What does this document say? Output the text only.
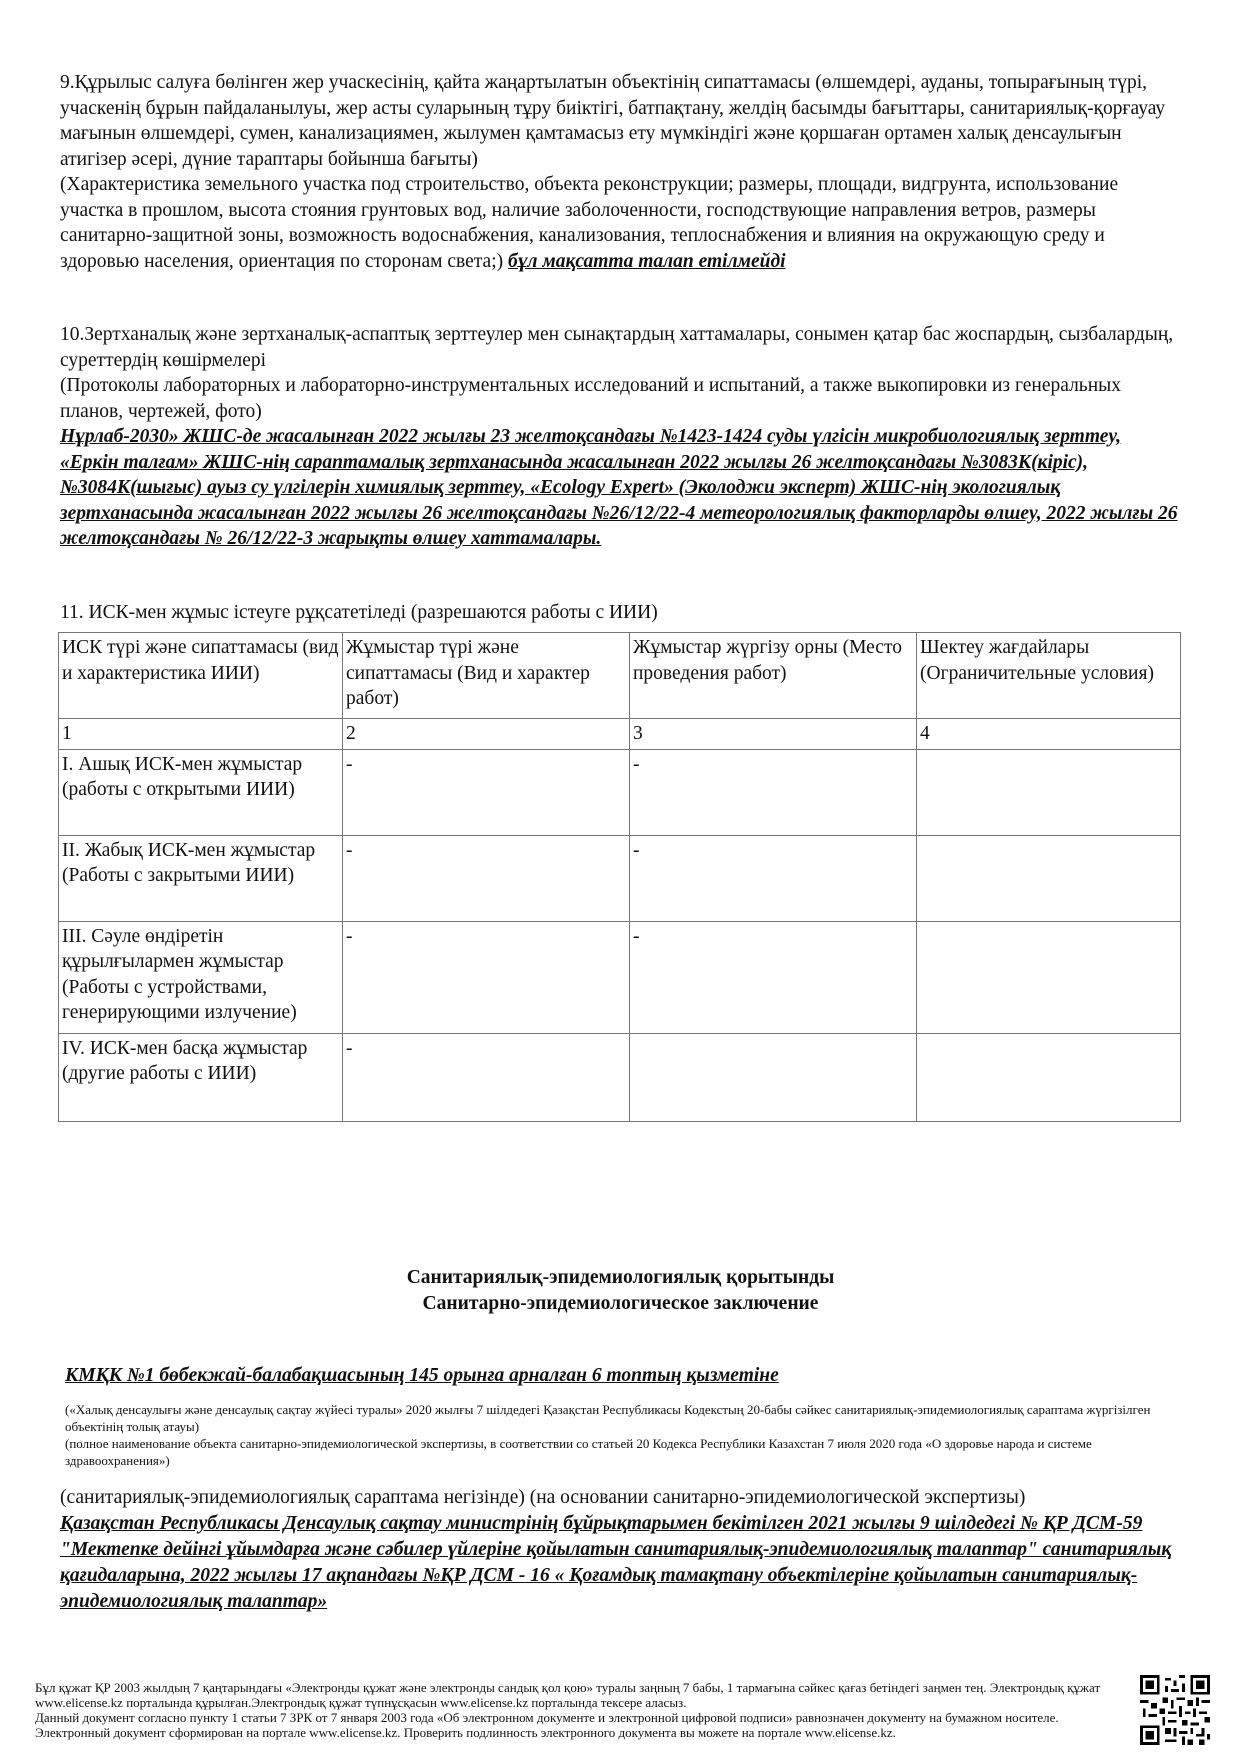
9.Құрылыс салуға бөлінген жер учаскесінің, қайта жаңартылатын объектінің сипаттамасы (өлшемдері, ауданы, топырағының түрі, учаскенің бұрын пайдаланылуы, жер асты суларының тұру биіктігі, батпақтану, желдің басымды бағыттары, санитариялық-қорғауау мағынын өлшемдері, сумен, канализациямен, жылумен қамтамасыз ету мүмкіндігі және қоршаған ортамен халық денсаулығын атигізер әсері, дүние тараптары бойынша бағыты)

(Характеристика земельного участка под строительство, объекта реконструкции; размеры, площади, видгрунта, использование участка в прошлом, высота стояния грунтовых вод, наличие заболоченности, господствующие направления ветров, размеры санитарно-защитной зоны, возможность водоснабжения, канализования, теплоснабжения и влияния на окружающую среду и здоровью населения, ориентация по сторонам света;) бұл мақсатта талап етілмейді

10.Зертханалық және зертханалық-аспаптық зерттеулер мен сынақтардың хаттамалары, сонымен қатар бас жоспардың, сызбалардың, суреттердің көшірмелері

(Протоколы лабораторных и лабораторно-инструментальных исследований и испытаний, а также выкопировки из генеральных планов, чертежей, фото)

Нұрлаб-2030» ЖШС-де жасалынған 2022 жылғы 23 желтоқсандағы №1423-1424 суды үлгісін микробиологиялық зерттеу, «Еркін талғам» ЖШС-нің сараптамалық зертханасында жасалынған 2022 жылғы 26 желтоқсандағы №3083К(кіріс), №3084К(шығыс) ауыз су үлгілерін химиялық зерттеу, «Ecology Expert» (Эколоджи эксперт) ЖШС-нің экологиялық зертханасында жасалынған 2022 жылғы 26 желтоқсандағы №26/12/22-4 метеорологиялық факторларды өлшеу, 2022 жылғы 26 желтоқсандағы № 26/12/22-3 жарықты өлшеу хаттамалары.

11. ИСК-мен жұмыс істеуге рұқсатетіледі (разрешаются работы с ИИИ)
ИСК түрі және сипаттамасы (вид и характеристика ИИИ)	Жұмыстар түрі және сипаттамасы (Вид и характер работ)	Жұмыстар жүргізу орны (Место проведения работ)	Шектеу жағдайлары (Ограничительные условия)
1	2	3	4
I. Ашық ИСК-мен жұмыстар (работы с открытыми ИИИ)	-	-	
II. Жабық ИСК-мен жұмыстар (Работы с закрытыми ИИИ)	-	-	
III. Сәуле өндіретін құрылғылармен жұмыстар (Работы с устройствами, генерирующими излучение)	-	-	
IV. ИСК-мен басқа жұмыстар (другие работы с ИИИ)	-		
Санитариялық-эпидемиологиялық қорытынды
Санитарно-эпидемиологическое заключение
КМҚК №1 бөбекжай-балабақшасының 145 орынға арналған 6 топтың қызметіне
(«Халық денсаулығы және денсаулық сақтау жүйесі туралы» 2020 жылғы 7 шілдедегі Қазақстан Республикасы Кодекстың 20-бабы сәйкес санитариялық-эпидемиологиялық сараптама жүргізілген объектінің толық атауы)
(полное наименование объекта санитарно-эпидемиологической экспертизы, в соответствии со статьей 20 Кодекса Республики Казахстан 7 июля 2020 года «О здоровье народа и системе здравоохранения»)
(санитариялық-эпидемиологиялық сараптама негізінде) (на основании санитарно-эпидемиологической экспертизы)
Қазақстан Республикасы Денсаулық сақтау министрінің бұйрықтарымен бекітілген 2021 жылғы 9 шілдедегі № ҚР ДСМ-59 "Мектепке дейінгі ұйымдарға және сәбилер үйлеріне қойылатын санитариялық-эпидемиологиялық талаптар" санитариялық қағидаларына, 2022 жылғы 17 ақпандағы №ҚР ДСМ - 16 « Қоғамдық тамақтану объектілеріне қойылатын санитариялық-эпидемиологиялық талаптар»
Бұл құжат ҚР 2003 жылдың 7 қаңтарындағы «Электронды құжат және электронды сандық қол қою» туралы заңның 7 бабы, 1 тармағына сәйкес қағаз бетіндегі заңмен тең. Электрондық құжат www.elicense.kz порталында құрылған.Электрондық құжат түпнұсқасын www.elicense.kz порталында тексере аласыз.
Данный документ согласно пункту 1 статьи 7 ЗРК от 7 января 2003 года «Об электронном документе и электронной цифровой подписи» равнозначен документу на бумажном носителе. Электронный документ сформирован на портале www.elicense.kz. Проверить подлинность электронного документа вы можете на портале www.elicense.kz.
